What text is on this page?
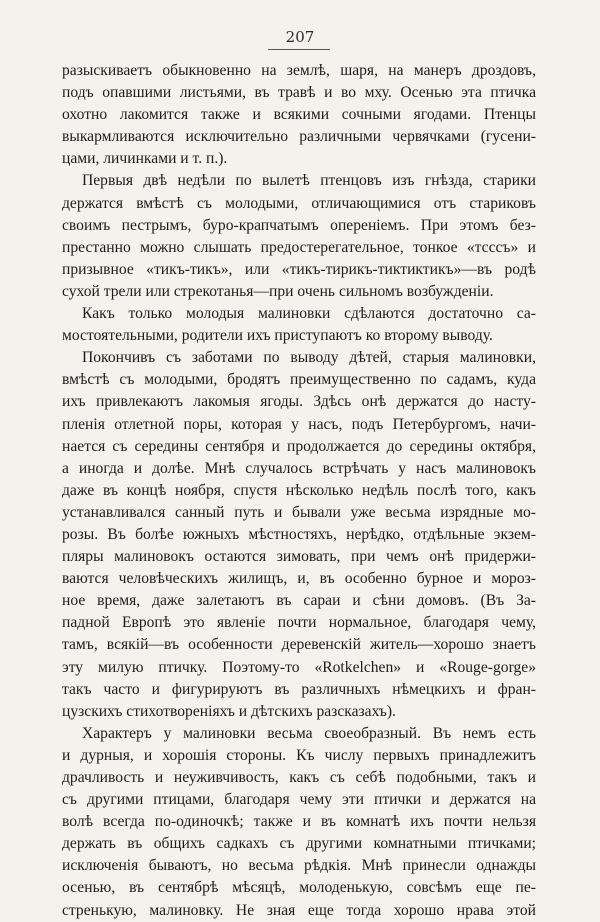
207
разыскиваетъ обыкновенно на землѣ, шаря, на манеръ дроздовъ,
подъ опавшими листьями, въ травѣ и во мху. Осенью эта птичка
охотно лакомится также и всякими сочными ягодами. Птенцы
выкармливаются исключительно различными червячками (гусени-
цами, личинками и т. п.).
Первыя двѣ недѣли по вылетѣ птенцовъ изъ гнѣзда, старики
держатся вмѣстѣ съ молодыми, отличающимися отъ стариковъ
своимъ пестрымъ, буро-крапчатымъ опереніемъ. При этомъ без-
престанно можно слышать предостерегательное, тонкое «тсссъ» и
призывное «тикъ-тикъ», или «тикъ-тирикъ-тиктиктикъ»—въ родѣ
сухой трели или стрекотанья—при очень сильномъ возбужденіи.
Какъ только молодыя малиновки сдѣлаются достаточно са-
мостоятельными, родители ихъ приступаютъ ко второму выводу.
Покончивъ съ заботами по выводу дѣтей, старыя малиновки,
вмѣстѣ съ молодыми, бродятъ преимущественно по садамъ, куда
ихъ привлекаютъ лакомыя ягоды. Здѣсь онѣ держатся до насту-
пленія отлетной поры, которая у насъ, подъ Петербургомъ, начи-
нается съ середины сентября и продолжается до середины октября,
а иногда и долѣе. Мнѣ случалось встрѣчать у насъ малиновокъ
даже въ концѣ ноября, спустя нѣсколько недѣль послѣ того, какъ
устанавливался санный путь и бывали уже весьма изрядные мо-
розы. Въ болѣе южныхъ мѣстностяхъ, нерѣдко, отдѣльные экзем-
пляры малиновокъ остаются зимовать, при чемъ онѣ придержи-
ваются человѣческихъ жилищъ, и, въ особенно бурное и мороз-
ное время, даже залетаютъ въ сараи и сѣни домовъ. (Въ За-
падной Европѣ это явленіе почти нормальное, благодаря чему,
тамъ, всякій—въ особенности деревенскій житель—хорошо знаетъ
эту милую птичку. Поэтому-то «Rotkelchen» и «Rouge-gorge»
такъ часто и фигурируютъ въ различныхъ нѣмецкихъ и фран-
цузскихъ стихотвореніяхъ и дѣтскихъ разсказахъ).
Характеръ у малиновки весьма своеобразный. Въ немъ есть
и дурныя, и хорошія стороны. Къ числу первыхъ принадлежитъ
драчливость и неуживчивость, какъ съ себѣ подобными, такъ и
съ другими птицами, благодаря чему эти птички и держатся на
волѣ всегда по-одиночкѣ; также и въ комнатѣ ихъ почти нельзя
держать въ общихъ садкахъ съ другими комнатными птичками;
исключенія бываютъ, но весьма рѣдкія. Мнѣ принесли однажды
осенью, въ сентябрѣ мѣсяцѣ, молоденькую, совсѣмъ еще пе-
стренькую, малиновку. Не зная еще тогда хорошо нрава этой
